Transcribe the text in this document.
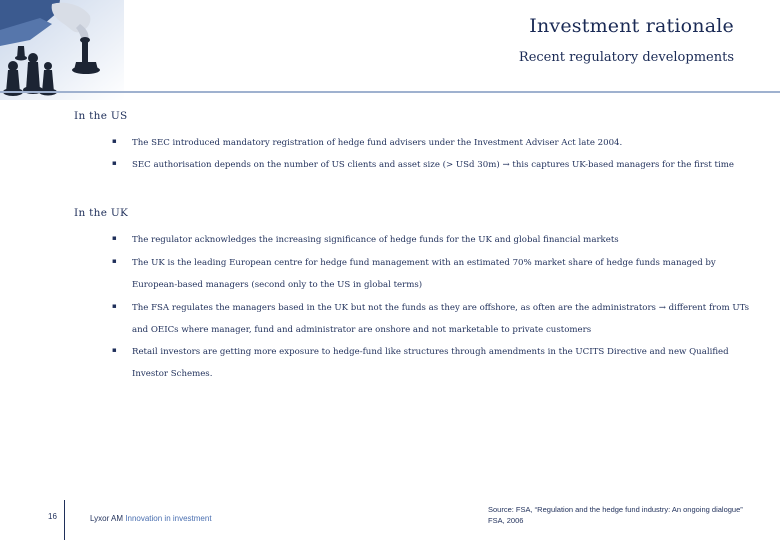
Investment rationale
Recent regulatory developments
In the US
▪ The SEC introduced mandatory registration of hedge fund advisers under the Investment Adviser Act late 2004.
▪ SEC authorisation depends on the number of US clients and asset size (> USd 30m) → this captures UK-based managers for the first time
In the UK
▪ The regulator acknowledges the increasing significance of hedge funds for the UK and global financial markets
▪ The UK is the leading European centre for hedge fund management with an estimated 70% market share of hedge funds managed by European-based managers (second only to the US in global terms)
▪ The FSA regulates the managers based in the UK but not the funds as they are offshore, as often are the administrators → different from UTs and OEICs where manager, fund and administrator are onshore and not marketable to private customers
▪ Retail investors are getting more exposure to hedge-fund like structures through amendments in the UCITS Directive and new Qualified Investor Schemes.
16	Lyxor AM Innovation in investment
Source: FSA, “Regulation and the hedge fund industry: An ongoing dialogue”
FSA, 2006
